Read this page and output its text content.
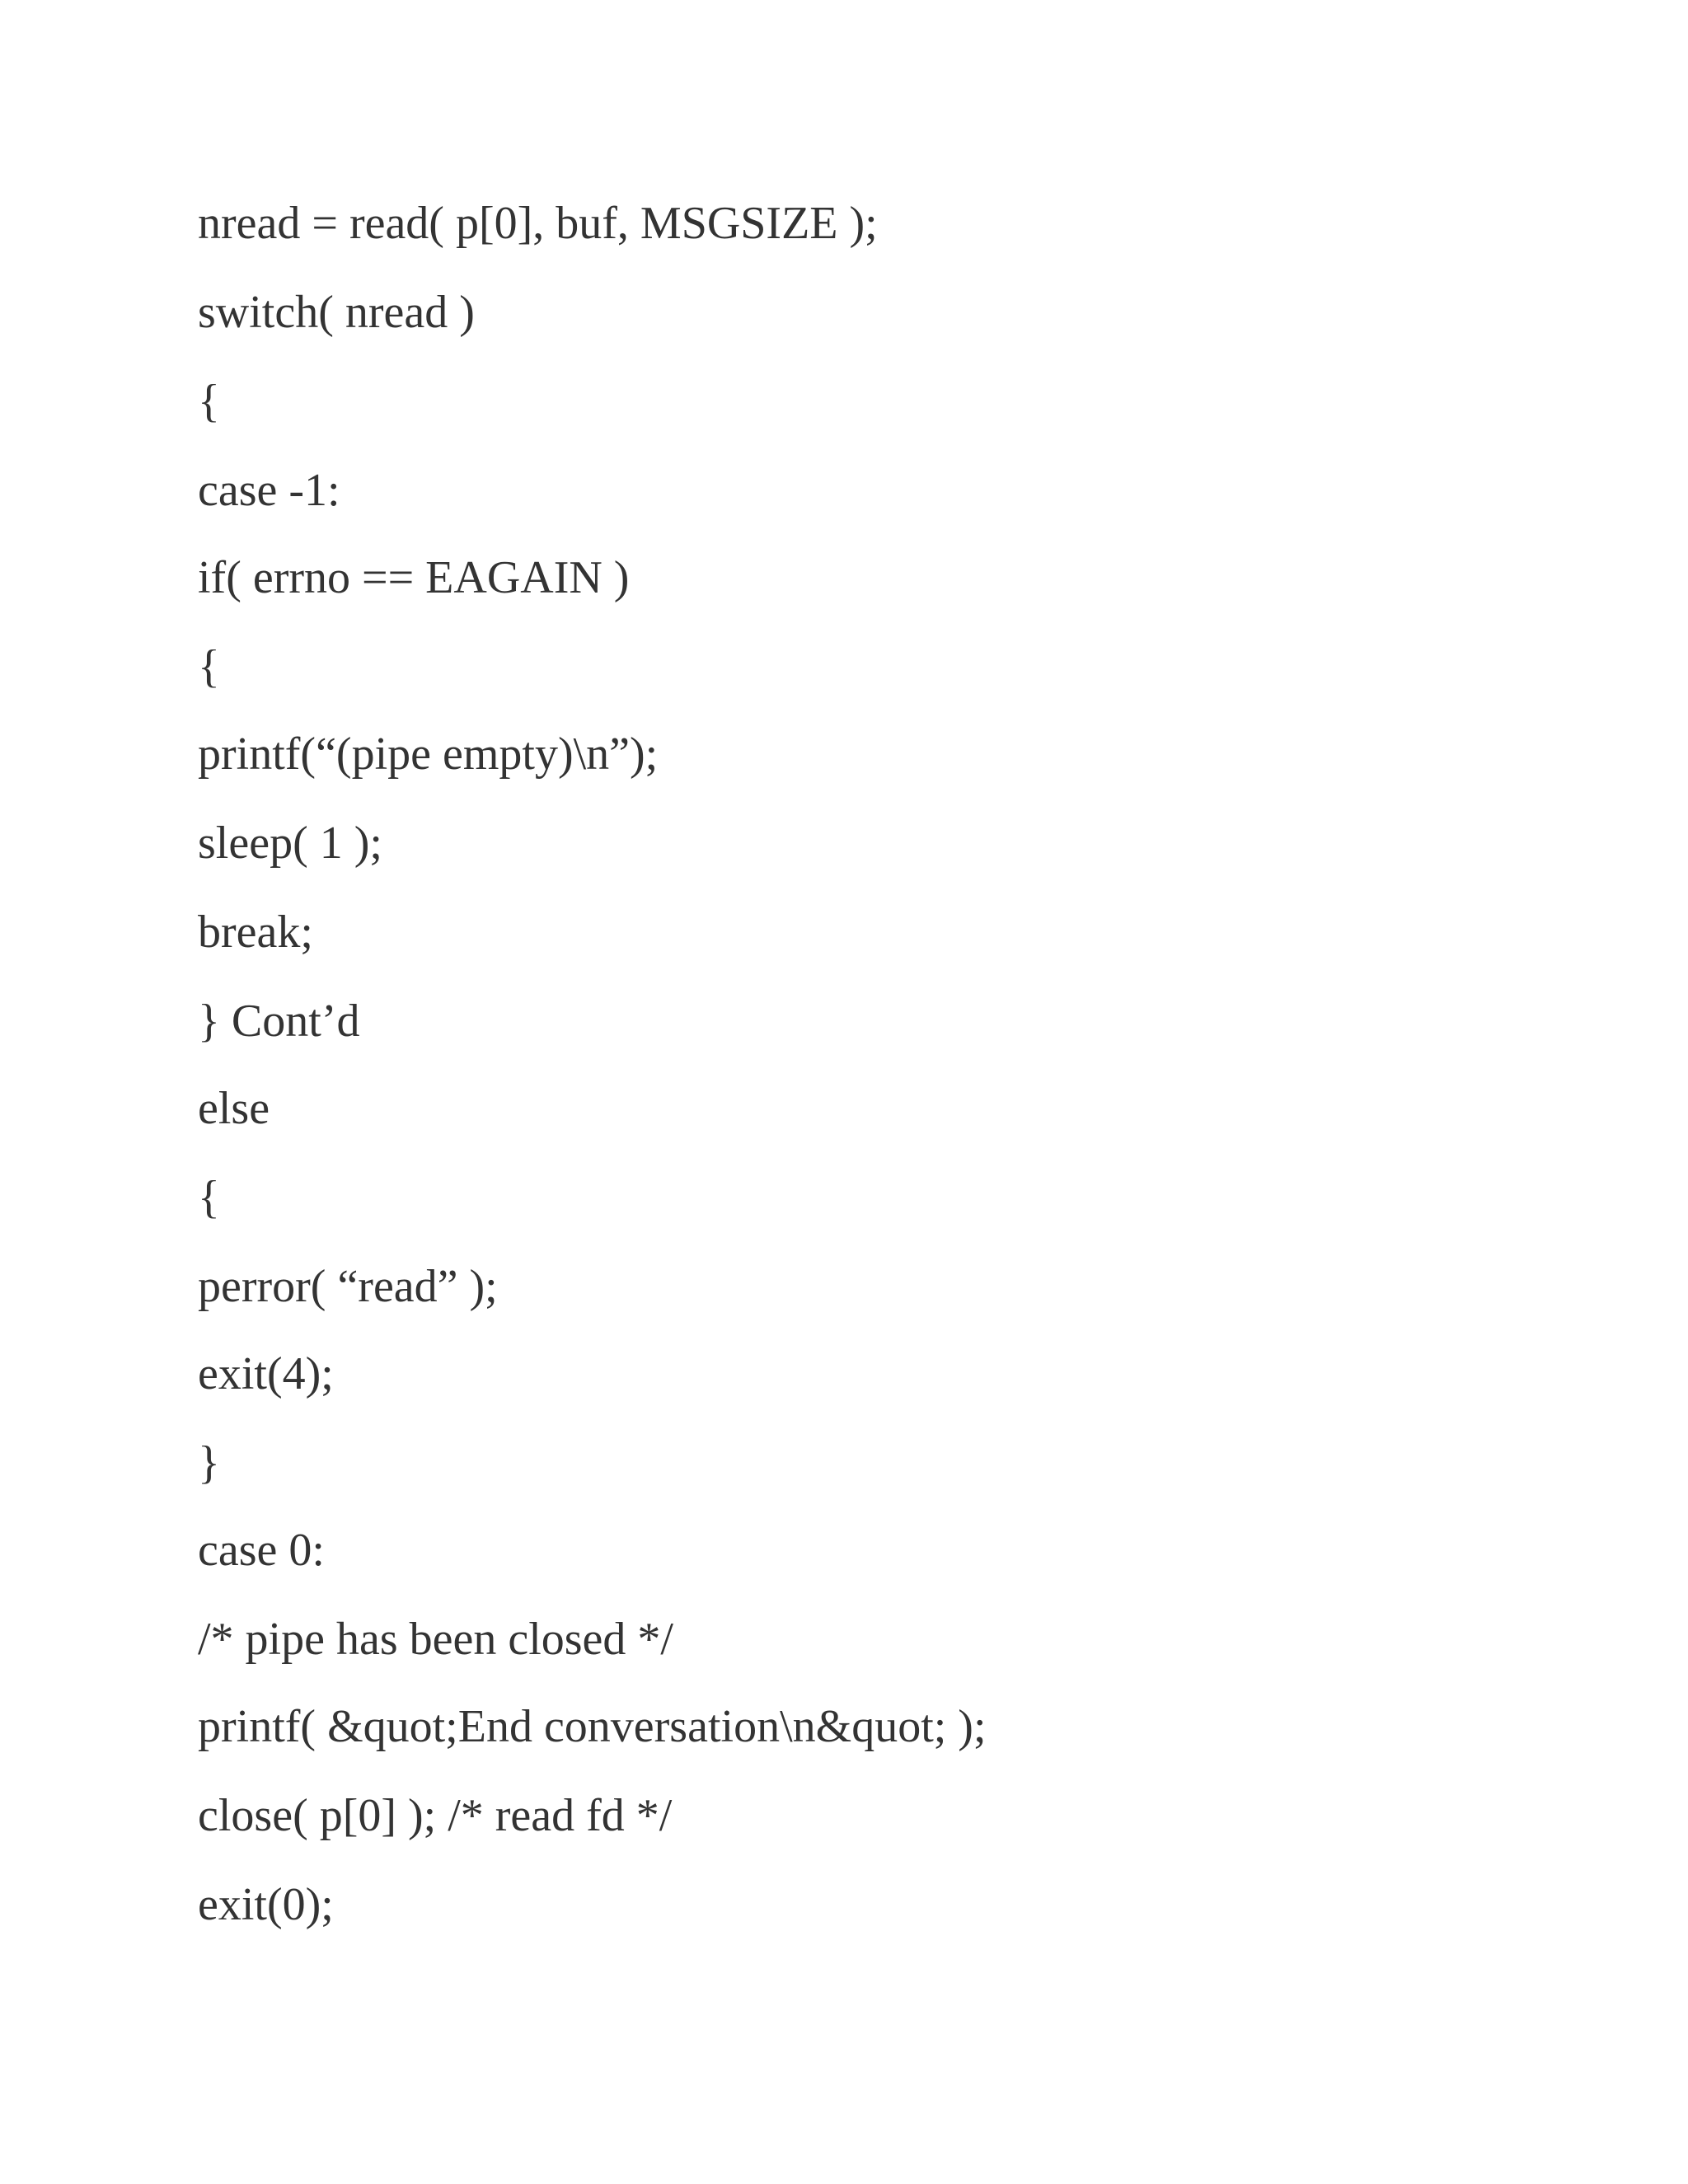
nread = read( p[0], buf, MSGSIZE );

switch( nread )

{

case -1:

if( errno == EAGAIN )

{

printf(“(pipe empty)\n”);

sleep( 1 );

break;

} Cont’d

else

{

perror( “read” );

exit(4);

}

case 0:

/* pipe has been closed */

printf( &quot;End conversation\n&quot; );

close( p[0] ); /* read fd */

exit(0);
